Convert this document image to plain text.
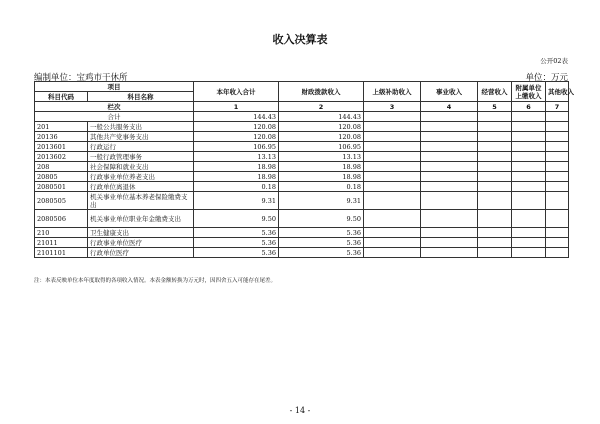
收入决算表
公开02表
编制单位：宝鸡市干休所	单位：万元
项目		本年收入合计	财政拨款收入	上级补助收入	事业收入	经营收入	附属单位上缴收入	其他收入
科目代码	科目名称							
栏次		1	2	3	4	5	6	7
合计		144.43	144.43					
201	一般公共服务支出	120.08	120.08					
20136	其他共产党事务支出	120.08	120.08					
2013601	行政运行	106.95	106.95					
2013602	一般行政管理事务	13.13	13.13					
208	社会保障和就业支出	18.98	18.98					
20805	行政事业单位养老支出	18.98	18.98					
2080501	行政单位离退休	0.18	0.18					
2080505	机关事业单位基本养老保险缴费支出	9.31	9.31					
2080506	机关事业单位职业年金缴费支出	9.50	9.50					
210	卫生健康支出	5.36	5.36					
21011	行政事业单位医疗	5.36	5.36					
2101101	行政单位医疗	5.36	5.36					
注：本表反映单位本年度取得的各项收入情况。本表金额转换为万元时，因四舍五入可能存在尾差。
- 14 -
